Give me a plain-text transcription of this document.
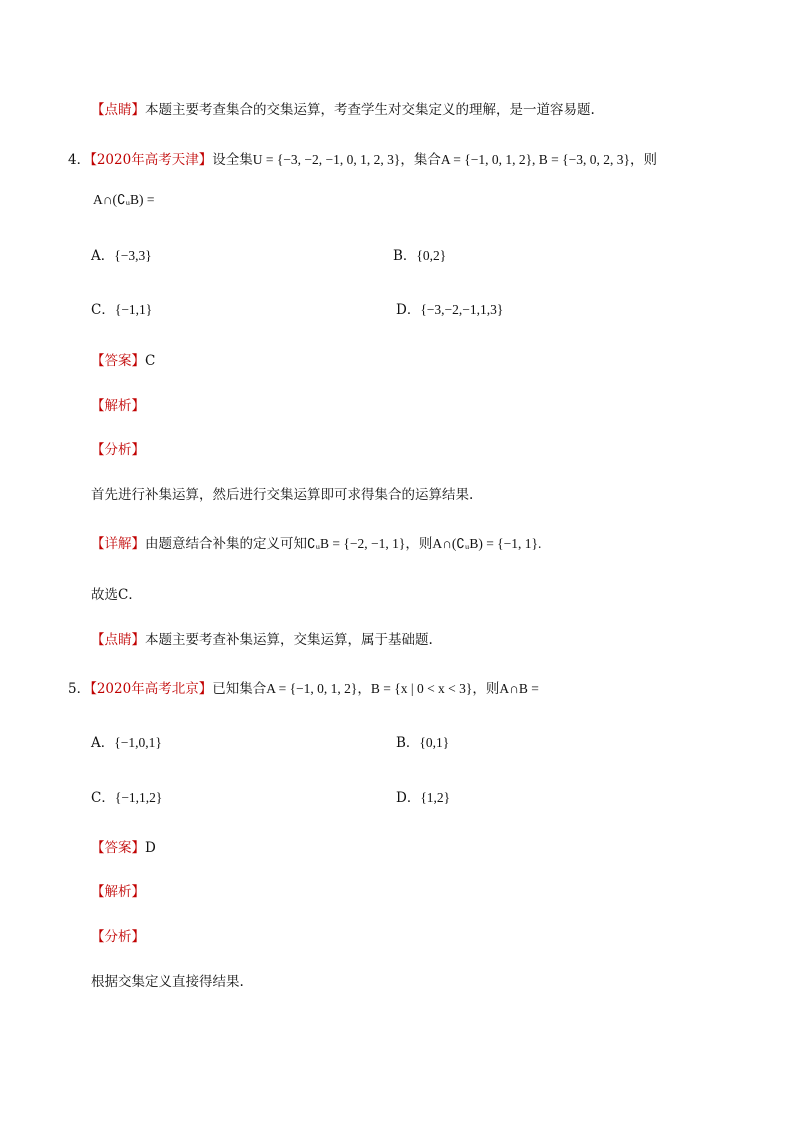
【点睛】本题主要考查集合的交集运算，考查学生对交集定义的理解，是一道容易题.
4．【2020年高考天津】设全集U = {−3, −2, −1, 0, 1, 2, 3}，集合A = {−1, 0, 1, 2}, B = {−3, 0, 2, 3}，则
A∩(∁ᵤB) =
A．{−3,3}	B．{0,2}
C．{−1,1}	D．{−3,−2,−1,1,3}
【答案】C
【解析】
【分析】
首先进行补集运算，然后进行交集运算即可求得集合的运算结果.
【详解】由题意结合补集的定义可知∁ᵤB = {−2, −1, 1}，则A∩(∁ᵤB) = {−1, 1}.
故选C．
【点睛】本题主要考查补集运算，交集运算，属于基础题.
5．【2020年高考北京】已知集合A = {−1, 0, 1, 2}，B = {x | 0 < x < 3}，则A∩B =
A．{−1,0,1}	B．{0,1}
C．{−1,1,2}	D．{1,2}
【答案】D
【解析】
【分析】
根据交集定义直接得结果.
